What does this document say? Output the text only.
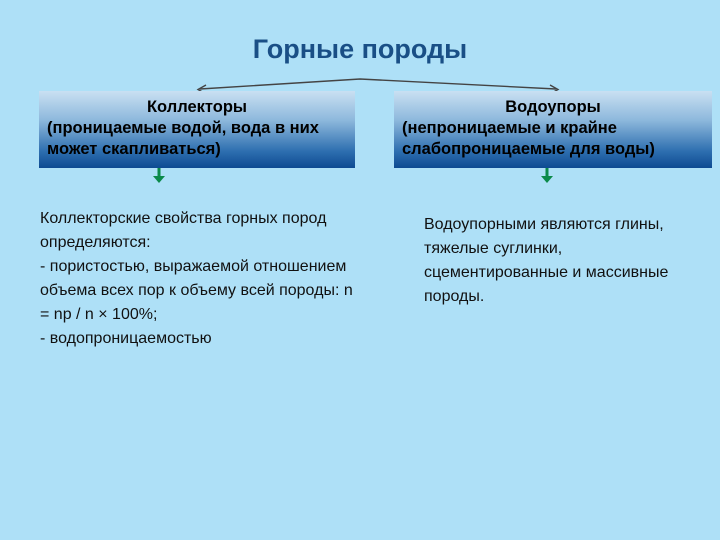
Горные породы
Коллекторы
(проницаемые водой, вода в них может скапливаться)
Водоупоры
(непроницаемые и крайне слабопроницаемые для воды)

Коллекторские свойства горных пород определяются:
- пористостью, выражаемой отношением объема всех пор к объему всей породы: n = np / n × 100%;
- водопроницаемостью

Водоупорными являются глины, тяжелые суглинки, сцементированные и массивные породы.
